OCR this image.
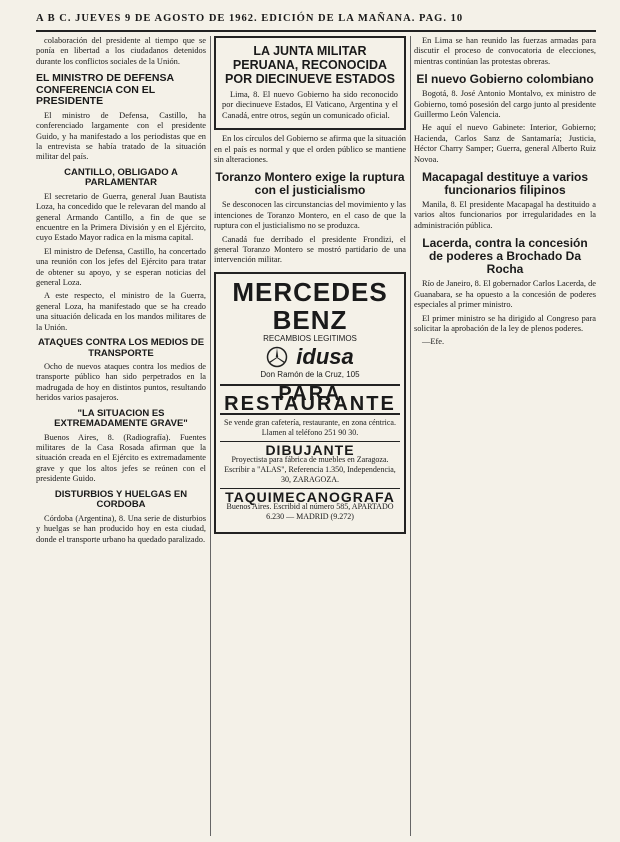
A B C. JUEVES 9 DE AGOSTO DE 1962. EDICIÓN DE LA MAÑANA. PAG. 10

colaboración del presidente al tiempo que se ponía en libertad a los ciudadanos detenidos durante los conflictos sociales de la Unión.

EL MINISTRO DE DEFENSA CONFERENCIA CON EL PRESIDENTE

El ministro de Defensa, Castillo, ha conferenciado largamente con el presidente Guido, y ha manifestado a los periodistas que en la entrevista se había tratado de la situación militar del país.

CANTILLO, OBLIGADO A PARLAMENTAR

El secretario de Guerra, general Juan Bautista Loza, ha concedido que le relevaran del mando al general Armando Cantillo, a fin de que se encuentre en la Primera División y en el Ejército, cuyo Estado Mayor radica en la misma capital.

El ministro de Defensa, Castillo, ha concertado una reunión con los jefes del Ejército para tratar de obtener su apoyo, y se esperan noticias del general Loza.

A este respecto, el ministro de la Guerra, general Loza, ha manifestado que se ha creado una situación delicada en los mandos militares de la Unión.

ATAQUES CONTRA LOS MEDIOS DE TRANSPORTE

Ocho de nuevos ataques contra los medios de transporte público han sido perpetrados en la madrugada de hoy en distintos puntos, resultando heridos varios pasajeros.

"LA SITUACION ES EXTREMADAMENTE GRAVE"

Buenos Aires, 8. (Radiografía). Fuentes militares de la Casa Rosada afirman que la situación creada en el Ejército es extremadamente grave y que los altos jefes se reúnen con el presidente Guido.

DISTURBIOS Y HUELGAS EN CORDOBA

Córdoba (Argentina), 8. Una serie de disturbios y huelgas se han producido hoy en esta ciudad, donde el transporte urbano ha quedado paralizado.

LA JUNTA MILITAR PERUANA, RECONOCIDA POR DIECINUEVE ESTADOS

Lima, 8. El nuevo Gobierno ha sido reconocido por diecinueve Estados, El Vaticano, Argentina y el Canadá, entre otros, según un comunicado oficial.

En los círculos del Gobierno se afirma que la situación en el país es normal y que el orden público se mantiene sin alteraciones.

Toranzo Montero exige la ruptura con el justicialismo

Se desconocen las circunstancias del movimiento y las intenciones de Toranzo Montero, en el caso de que la ruptura con el justicialismo no se produzca.

Canadá fue derribado el presidente Frondizi, el general Toranzo Montero se mostró partidario de una intervención militar.

MERCEDES BENZ
RECAMBIOS LEGITIMOS
idusa
Don Ramón de la Cruz, 105
PARA RESTAURANTE
Se vende gran cafetería, restaurante, en zona céntrica. Llamen al teléfono 251 90 30.
DIBUJANTE
Proyectista para fábrica de muebles en Zaragoza. Escribir a "ALAS", Referencia 1.350, Independencia, 30, ZARAGOZA.
TAQUIMECANOGRAFA
Buenos Aires. Escribid al número 585, APARTADO 6.230 — MADRID (9.272)

En Lima se han reunido las fuerzas armadas para discutir el proceso de convocatoria de elecciones, mientras continúan las protestas obreras.

El nuevo Gobierno colombiano

Bogotá, 8. José Antonio Montalvo, ex ministro de Gobierno, tomó posesión del cargo junto al presidente Guillermo León Valencia.

He aquí el nuevo Gabinete: Interior, Gobierno; Hacienda, Carlos Sanz de Santamaría; Justicia, Héctor Charry Samper; Guerra, general Alberto Ruiz Novoa.

Macapagal destituye a varios funcionarios filipinos

Manila, 8. El presidente Macapagal ha destituido a varios altos funcionarios por irregularidades en la administración pública.

Lacerda, contra la concesión de poderes a Brochado Da Rocha

Río de Janeiro, 8. El gobernador Carlos Lacerda, de Guanabara, se ha opuesto a la concesión de poderes especiales al primer ministro.

El primer ministro se ha dirigido al Congreso para solicitar la aprobación de la ley de plenos poderes.

—Efe.
